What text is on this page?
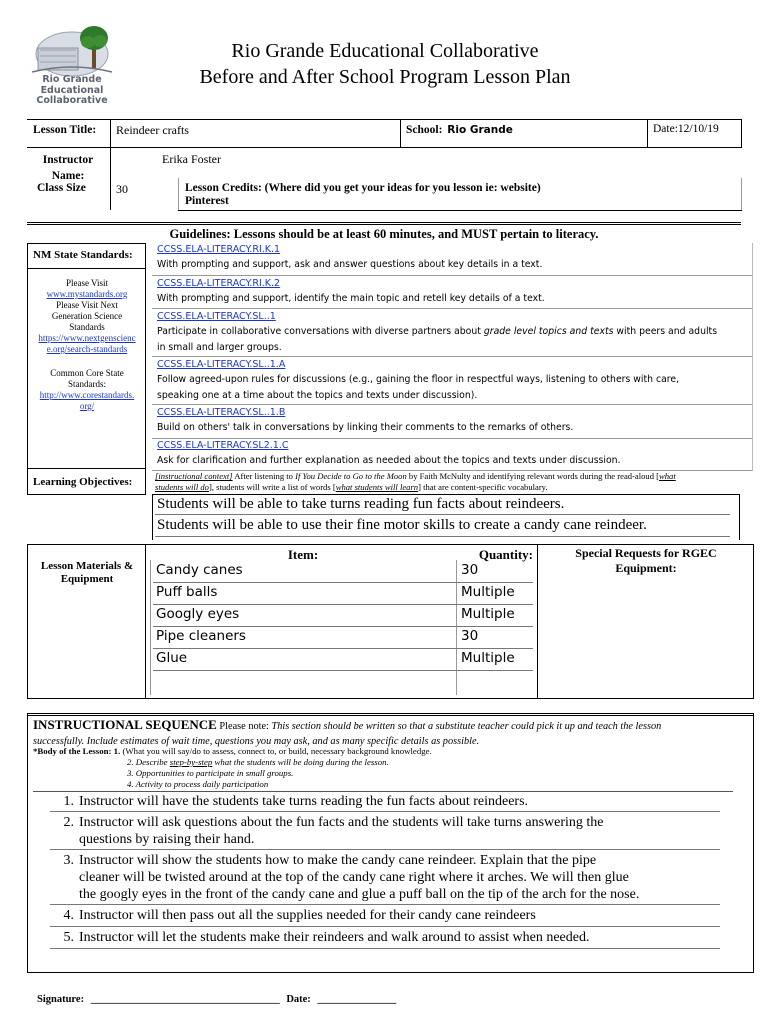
Rio Grande Educational Collaborative
Rio Grande Educational Collaborative
Before and After School Program Lesson Plan
Lesson Title: Reindeer crafts	School: Rio Grande	Date:12/10/19
Instructor
Name:
Erika Foster
Class Size	30	Lesson Credits: (Where did you get your ideas for you lesson ie: website)
Pinterest
Guidelines: Lessons should be at least 60 minutes, and MUST pertain to literacy.
NM State Standards:
Please Visit
www.mystandards.org
Please Visit Next
Generation Science
Standards
https://www.nextgenscienc
e.org/search-standards
Common Core State
Standards:
http://www.corestandards.
org/
CCSS.ELA-LITERACY.RI.K.1
With prompting and support, ask and answer questions about key details in a text.
CCSS.ELA-LITERACY.RI.K.2
With prompting and support, identify the main topic and retell key details of a text.
CCSS.ELA-LITERACY.SL..1
Participate in collaborative conversations with diverse partners about grade level topics and texts with peers and adults
in small and larger groups.
CCSS.ELA-LITERACY.SL..1.A
Follow agreed-upon rules for discussions (e.g., gaining the floor in respectful ways, listening to others with care,
speaking one at a time about the topics and texts under discussion).
CCSS.ELA-LITERACY.SL..1.B
Build on others' talk in conversations by linking their comments to the remarks of others.
CCSS.ELA-LITERACY.SL2.1.C
Ask for clarification and further explanation as needed about the topics and texts under discussion.
Learning Objectives:	[instructional context] After listening to If You Decide to Go to the Moon by Faith McNulty and identifying relevant words during the read-aloud [what
students will do], students will write a list of words [what students will learn] that are content-specific vocabulary.
Students will be able to take turns reading fun facts about reindeers.
Students will be able to use their fine motor skills to create a candy cane reindeer.
Lesson Materials &
Equipment
Item:	Quantity:	Special Requests for RGEC
Equipment:
Candy canes	30
Puff balls	Multiple
Googly eyes	Multiple
Pipe cleaners	30
Glue	Multiple
INSTRUCTIONAL SEQUENCE Please note: This section should be written so that a substitute teacher could pick it up and teach the lesson
successfully. Include estimates of wait time, questions you may ask, and as many specific details as possible.
*Body of the Lesson: 1. (What you will say/do to assess, connect to, or build, necessary background knowledge.
2. Describe step-by-step what the students will be doing during the lesson.
3. Opportunities to participate in small groups.
4. Activity to process daily participation
1. Instructor will have the students take turns reading the fun facts about reindeers.
2. Instructor will ask questions about the fun facts and the students will take turns answering the
questions by raising their hand.
3. Instructor will show the students how to make the candy cane reindeer. Explain that the pipe
cleaner will be twisted around at the top of the candy cane right where it arches. We will then glue
the googly eyes in the front of the candy cane and glue a puff ball on the tip of the arch for the nose.
4. Instructor will then pass out all the supplies needed for their candy cane reindeers
5. Instructor will let the students make their reindeers and walk around to assist when needed.
Signature: ____________________________________ Date: _______________
